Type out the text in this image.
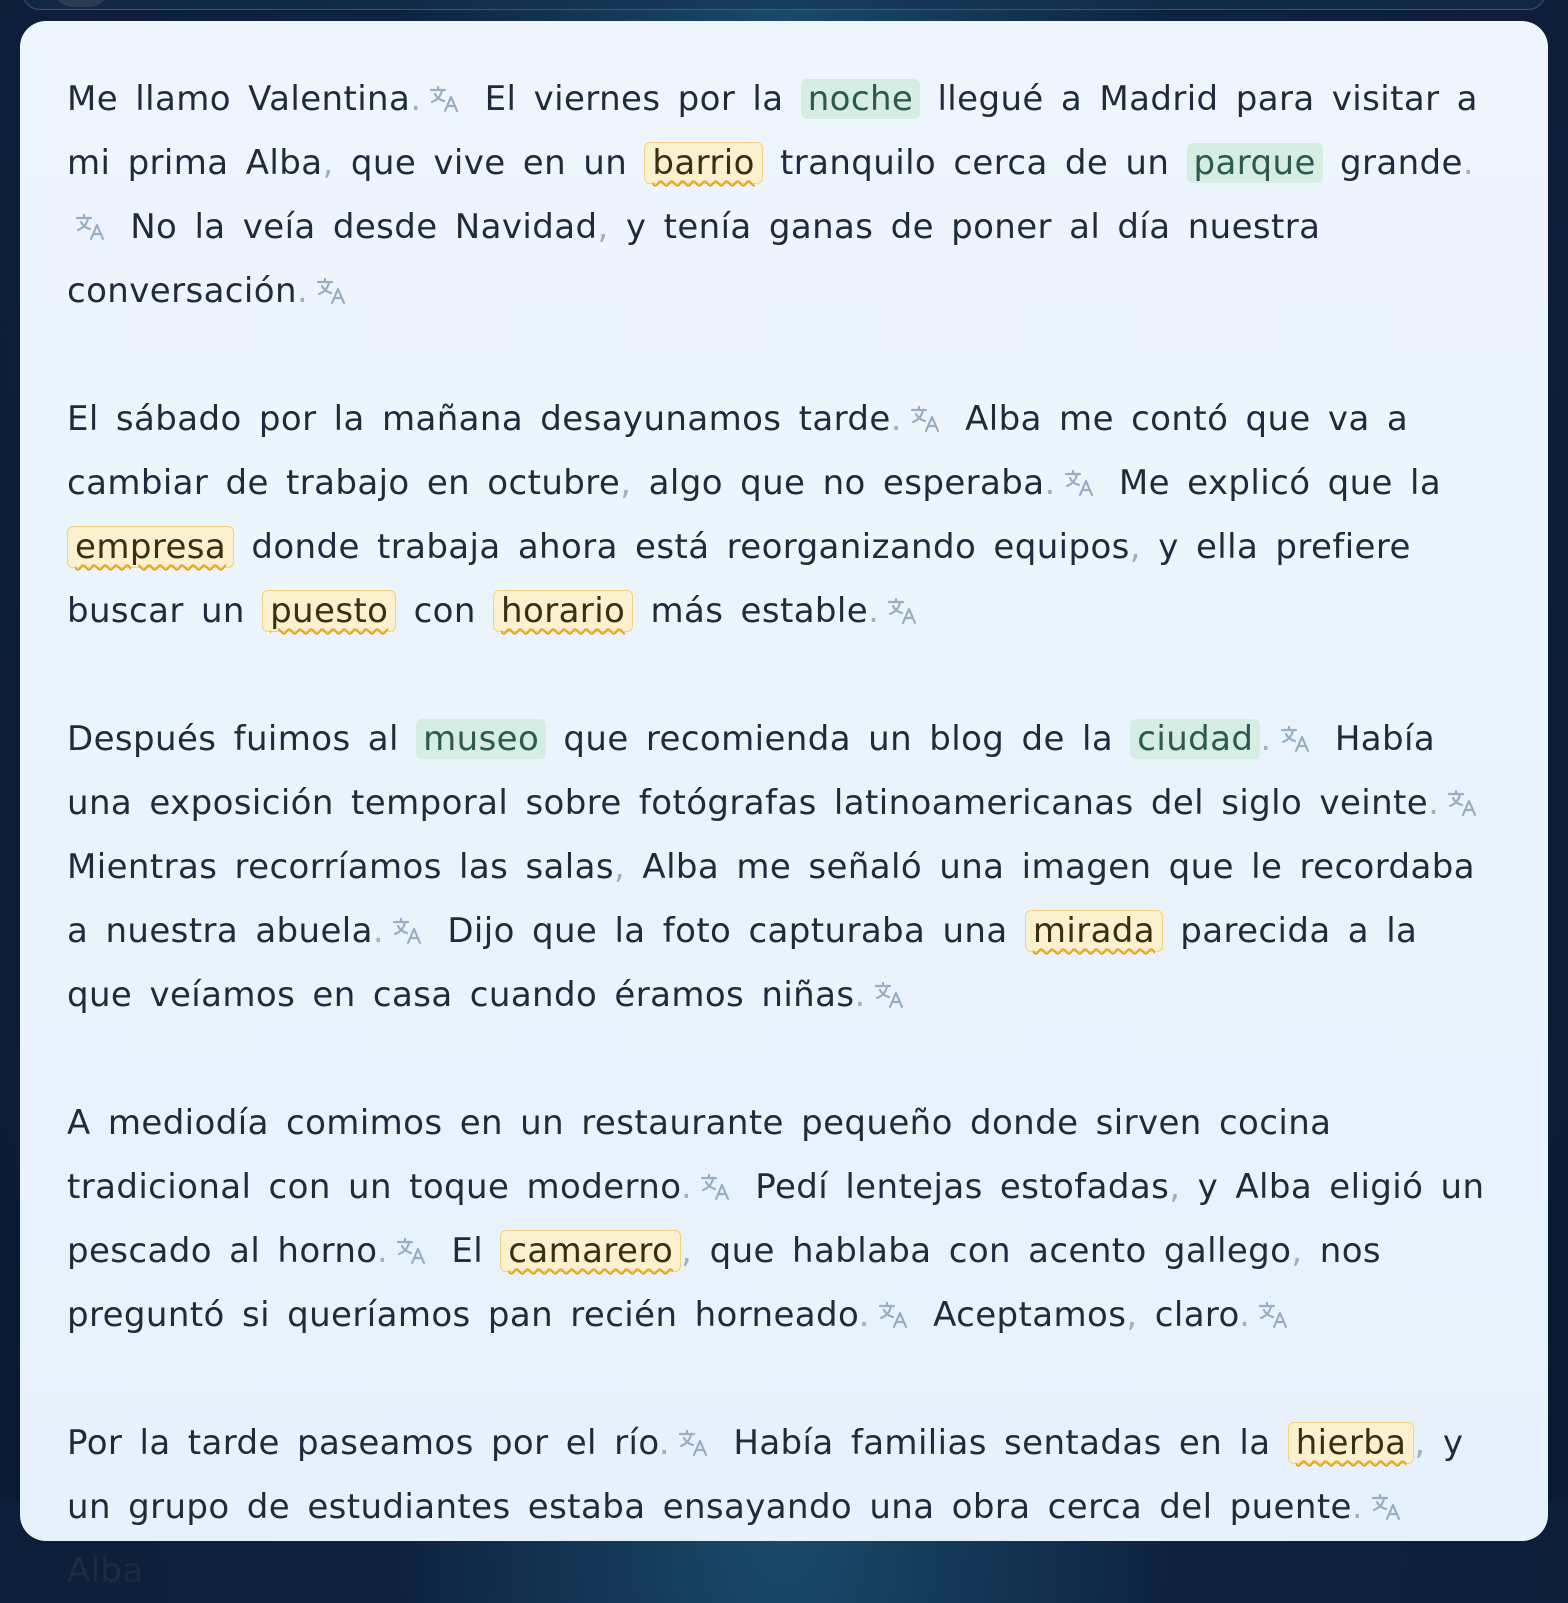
Me llamo Valentina.
El viernes por la noche llegué a Madrid para visitar a mi prima Alba, que vive en un barrio tranquilo cerca de un parque grande.
No la veía desde Navidad, y tenía ganas de poner al día nuestra conversación.

El sábado por la mañana desayunamos tarde.
Alba me contó que va a cambiar de trabajo en octubre, algo que no esperaba.
Me explicó que la empresa donde trabaja ahora está reorganizando equipos, y ella prefiere buscar un puesto con horario más estable.

Después fuimos al museo que recomienda un blog de la ciudad .
Había una exposición temporal sobre fotógrafas latinoamericanas del siglo veinte.
Mientras recorríamos las salas, Alba me señaló una imagen que le recordaba a nuestra abuela.
Dijo que la foto capturaba una mirada parecida a la que veíamos en casa cuando éramos niñas.

A mediodía comimos en un restaurante pequeño donde sirven cocina tradicional con un toque moderno.
Pedí lentejas estofadas, y Alba eligió un pescado al horno.
El camarero , que hablaba con acento gallego, nos preguntó si queríamos pan recién horneado.
Aceptamos, claro.

Por la tarde paseamos por el río.
Había familias sentadas en la hierba , y un grupo de estudiantes estaba ensayando una obra cerca del puente.
Alba
